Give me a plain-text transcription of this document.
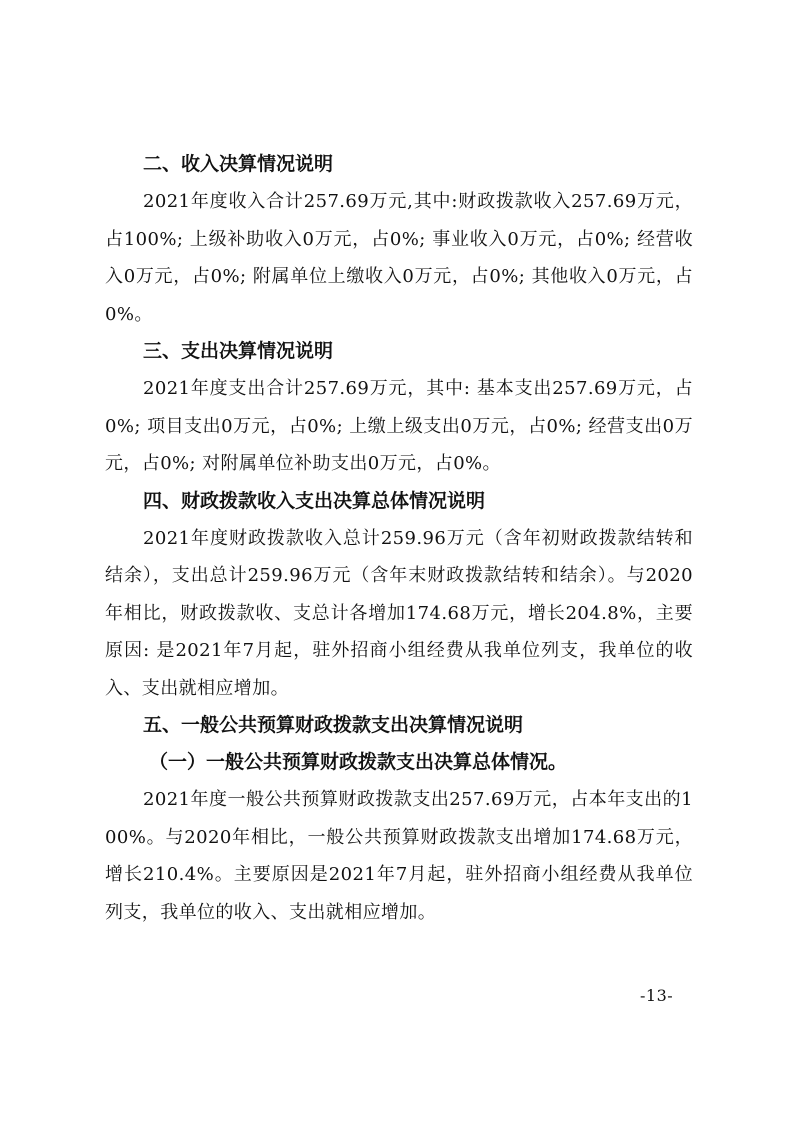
二、收入决算情况说明

2021年度收入合计257.69万元,其中:财政拨款收入257.69万元，占100%; 上级补助收入0万元，占0%; 事业收入0万元，占0%; 经营收入0万元，占0%; 附属单位上缴收入0万元，占0%; 其他收入0万元，占0%。

三、支出决算情况说明

2021年度支出合计257.69万元，其中: 基本支出257.69万元，占0%; 项目支出0万元，占0%; 上缴上级支出0万元，占0%; 经营支出0万元，占0%; 对附属单位补助支出0万元，占0%。

四、财政拨款收入支出决算总体情况说明

2021年度财政拨款收入总计259.96万元（含年初财政拨款结转和结余），支出总计259.96万元（含年末财政拨款结转和结余）。与2020年相比，财政拨款收、支总计各增加174.68万元，增长204.8%，主要原因: 是2021年7月起，驻外招商小组经费从我单位列支，我单位的收入、支出就相应增加。

五、一般公共预算财政拨款支出决算情况说明
（一）一般公共预算财政拨款支出决算总体情况。

2021年度一般公共预算财政拨款支出257.69万元，占本年支出的100%。与2020年相比，一般公共预算财政拨款支出增加174.68万元，增长210.4%。主要原因是2021年7月起，驻外招商小组经费从我单位列支，我单位的收入、支出就相应增加。

-13-
